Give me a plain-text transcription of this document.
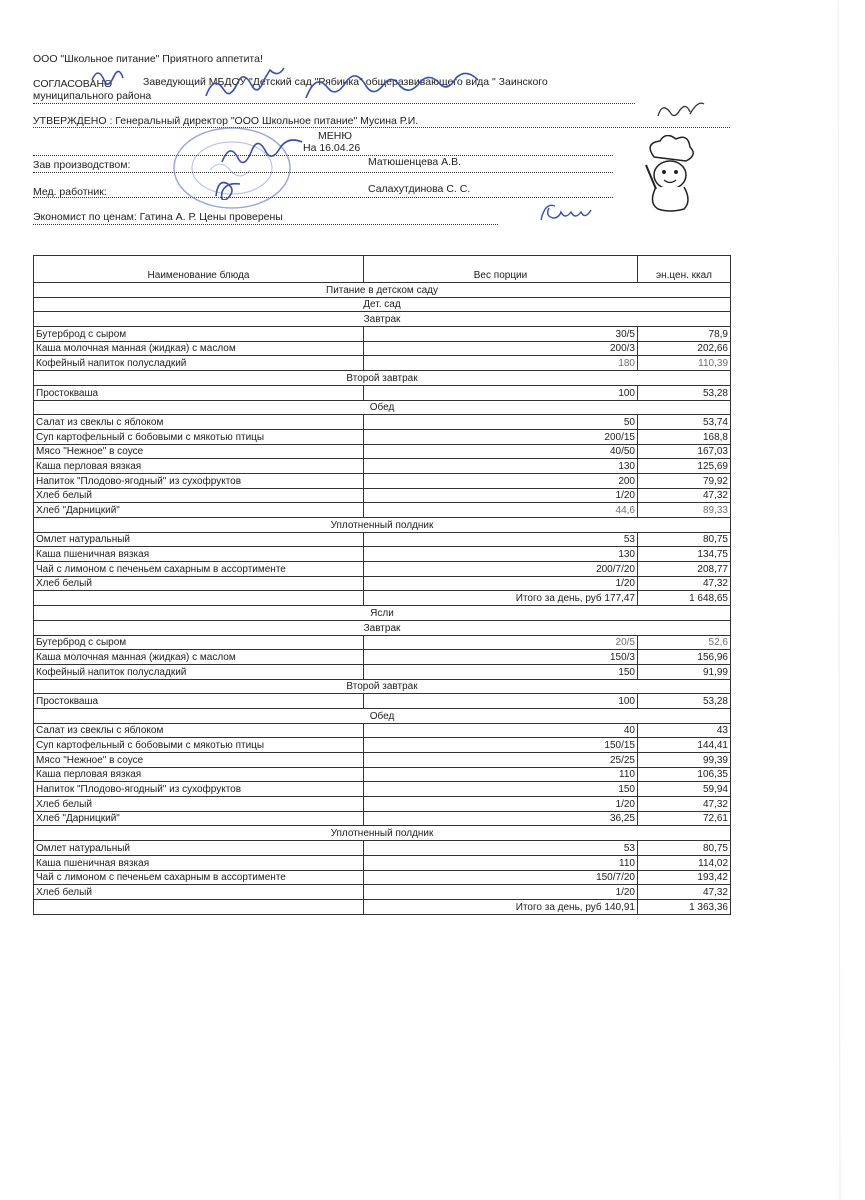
ООО "Школьное питание" Приятного аппетита!
СОГЛАСОВАНО	Заведующий МБДОУ "Детский сад "Рябинка" общеразвивающего вида " Заинского
муниципального района
УТВЕРЖДЕНО : Генеральный директор "ООО Школьное питание" Мусина Р.И.
МЕНЮ
На 16.04.26
Зав производством:	Матюшенцева А.В.
Мед. работник:	Салахутдинова С. С.
Экономист по ценам: Гатина А. Р. Цены проверены
Наименование блюда	Вес порции	эн.цен. ккал
Питание в детском саду		
Дет. сад		
Завтрак		
Бутерброд с сыром	30/5	78,9
Каша молочная манная (жидкая) с маслом	200/3	202,66
Кофейный напиток полусладкий	180	110,39
Второй завтрак		
Простокваша	100	53,28
Обед		
Салат из свеклы с яблоком	50	53,74
Суп картофельный с бобовыми с мякотью птицы	200/15	168,8
Мясо "Нежное" в соусе	40/50	167,03
Каша перловая вязкая	130	125,69
Напиток "Плодово-ягодный" из сухофруктов	200	79,92
Хлеб белый	1/20	47,32
Хлеб "Дарницкий"	44,6	89,33
Уплотненный полдник		
Омлет натуральный	53	80,75
Каша пшеничная вязкая	130	134,75
Чай с лимоном с печеньем сахарным в ассортименте	200/7/20	208,77
Хлеб белый	1/20	47,32
	Итого за день, руб 177,47	1 648,65
Ясли		
Завтрак		
Бутерброд с сыром	20/5	52,6
Каша молочная манная (жидкая) с маслом	150/3	156,96
Кофейный напиток полусладкий	150	91,99
Второй завтрак		
Простокваша	100	53,28
Обед		
Салат из свеклы с яблоком	40	43
Суп картофельный с бобовыми с мякотью птицы	150/15	144,41
Мясо "Нежное" в соусе	25/25	99,39
Каша перловая вязкая	110	106,35
Напиток "Плодово-ягодный" из сухофруктов	150	59,94
Хлеб белый	1/20	47,32
Хлеб "Дарницкий"	36,25	72,61
Уплотненный полдник		
Омлет натуральный	53	80,75
Каша пшеничная вязкая	110	114,02
Чай с лимоном с печеньем сахарным в ассортименте	150/7/20	193,42
Хлеб белый	1/20	47,32
	Итого за день, руб 140,91	1 363,36
